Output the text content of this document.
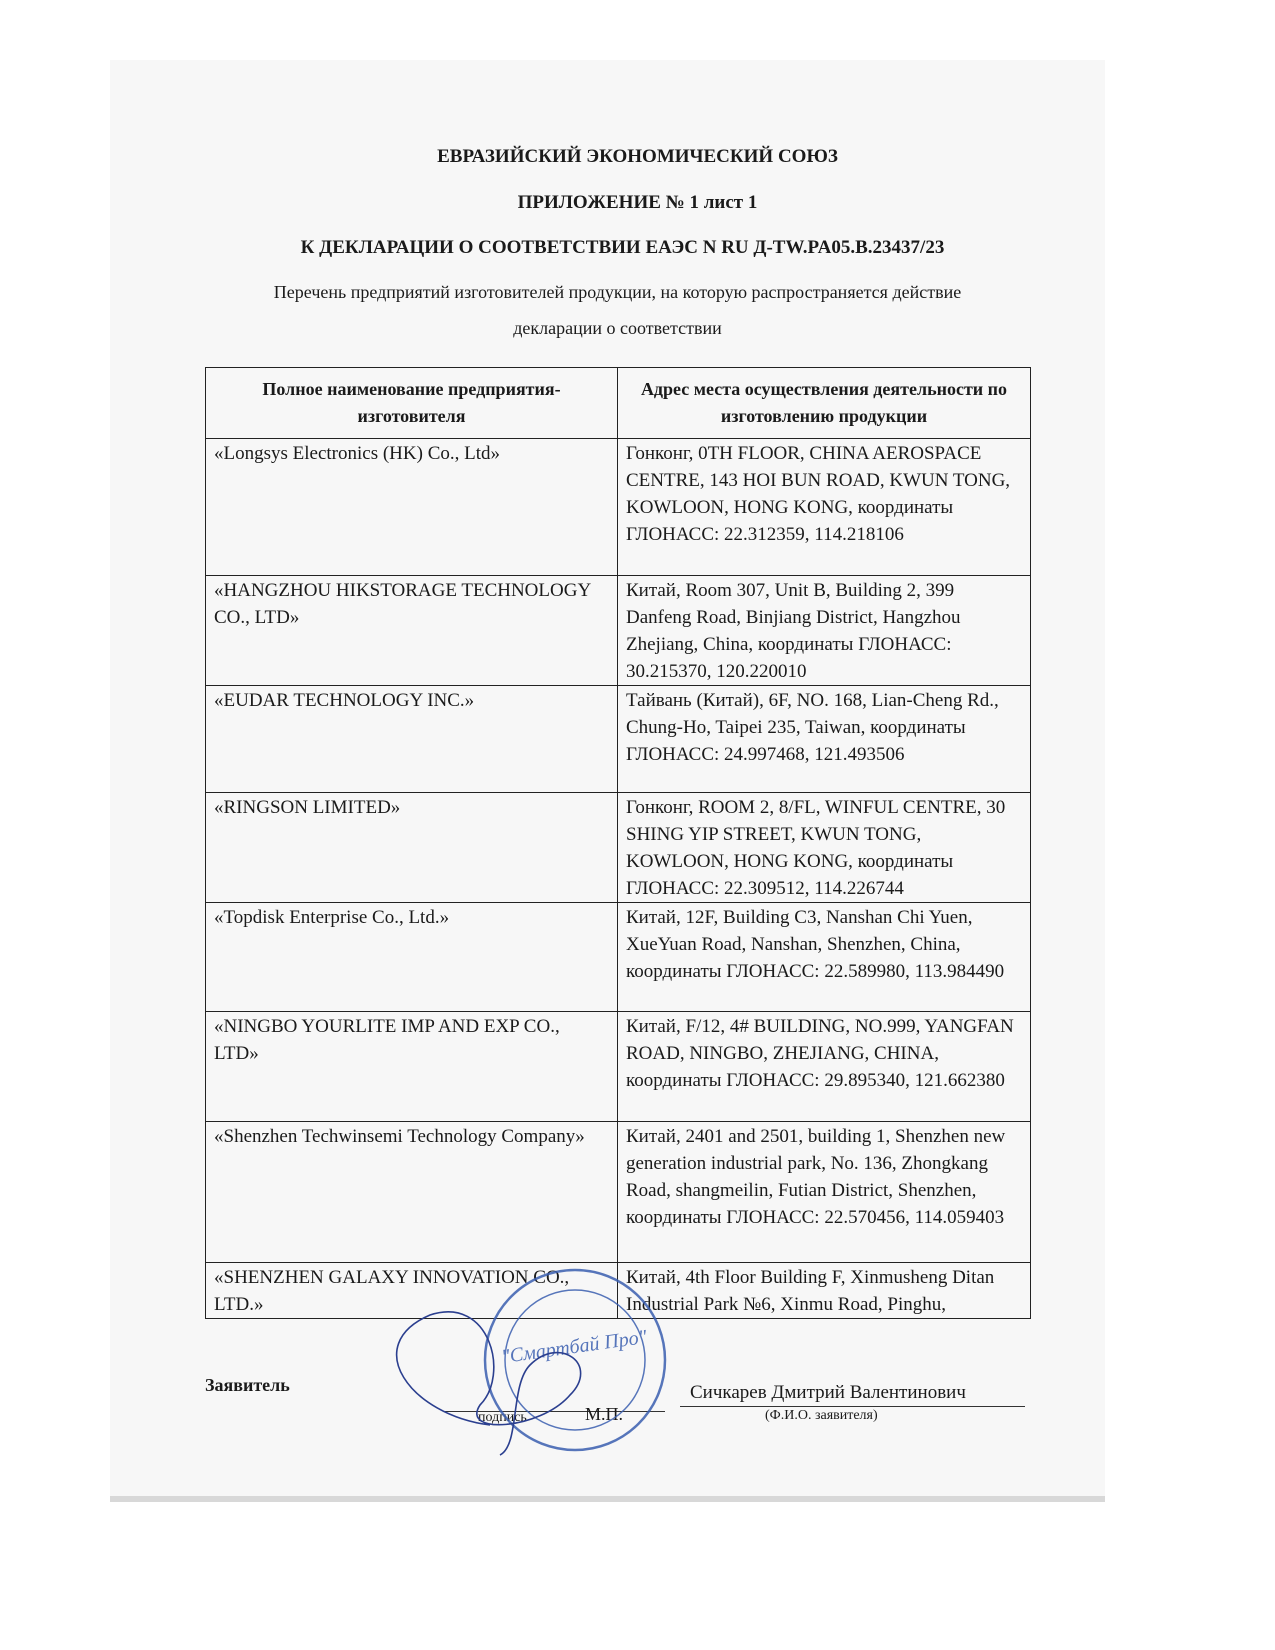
ЕВРАЗИЙСКИЙ ЭКОНОМИЧЕСКИЙ СОЮЗ
ПРИЛОЖЕНИЕ № 1 лист 1
К ДЕКЛАРАЦИИ О СООТВЕТСТВИИ ЕАЭС N RU Д-TW.PA05.B.23437/23
Перечень предприятий изготовителей продукции, на которую распространяется действие
декларации о соответствии
Полное наименование предприятия-изготовителя	Адрес места осуществления деятельности по изготовлению продукции
«Longsys Electronics (HK) Co., Ltd»	Гонконг, 0TH FLOOR, CHINA AEROSPACE CENTRE, 143 HOI BUN ROAD, KWUN TONG, KOWLOON, HONG KONG, координаты ГЛОНАСС: 22.312359, 114.218106
«HANGZHOU HIKSTORAGE TECHNOLOGY CO., LTD»	Китай, Room 307, Unit B, Building 2, 399 Danfeng Road, Binjiang District, Hangzhou Zhejiang, China, координаты ГЛОНАСС: 30.215370, 120.220010
«EUDAR TECHNOLOGY INC.»	Тайвань (Китай), 6F, NO. 168, Lian-Cheng Rd., Chung-Ho, Taipei 235, Taiwan, координаты ГЛОНАСС: 24.997468, 121.493506
«RINGSON LIMITED»	Гонконг, ROOM 2, 8/FL, WINFUL CENTRE, 30 SHING YIP STREET, KWUN TONG, KOWLOON, HONG KONG, координаты ГЛОНАСС: 22.309512, 114.226744
«Topdisk Enterprise Co., Ltd.»	Китай, 12F, Building C3, Nanshan Chi Yuen, XueYuan Road, Nanshan, Shenzhen, China, координаты ГЛОНАСС: 22.589980, 113.984490
«NINGBO YOURLITE IMP AND EXP CO., LTD»	Китай, F/12, 4# BUILDING, NO.999, YANGFAN ROAD, NINGBO, ZHEJIANG, CHINA, координаты ГЛОНАСС: 29.895340, 121.662380
«Shenzhen Techwinsemi Technology Company»	Китай, 2401 and 2501, building 1, Shenzhen new generation industrial park, No. 136, Zhongkang Road, shangmeilin, Futian District, Shenzhen, координаты ГЛОНАСС: 22.570456, 114.059403
«SHENZHEN GALAXY INNOVATION CO., LTD.»	Китай, 4th Floor Building F, Xinmusheng Ditan Industrial Park №6, Xinmu Road, Pinghu,
Заявитель
подпись	М.П.
Сичкарев Дмитрий Валентинович
(Ф.И.О. заявителя)
"Смартбай Про"
